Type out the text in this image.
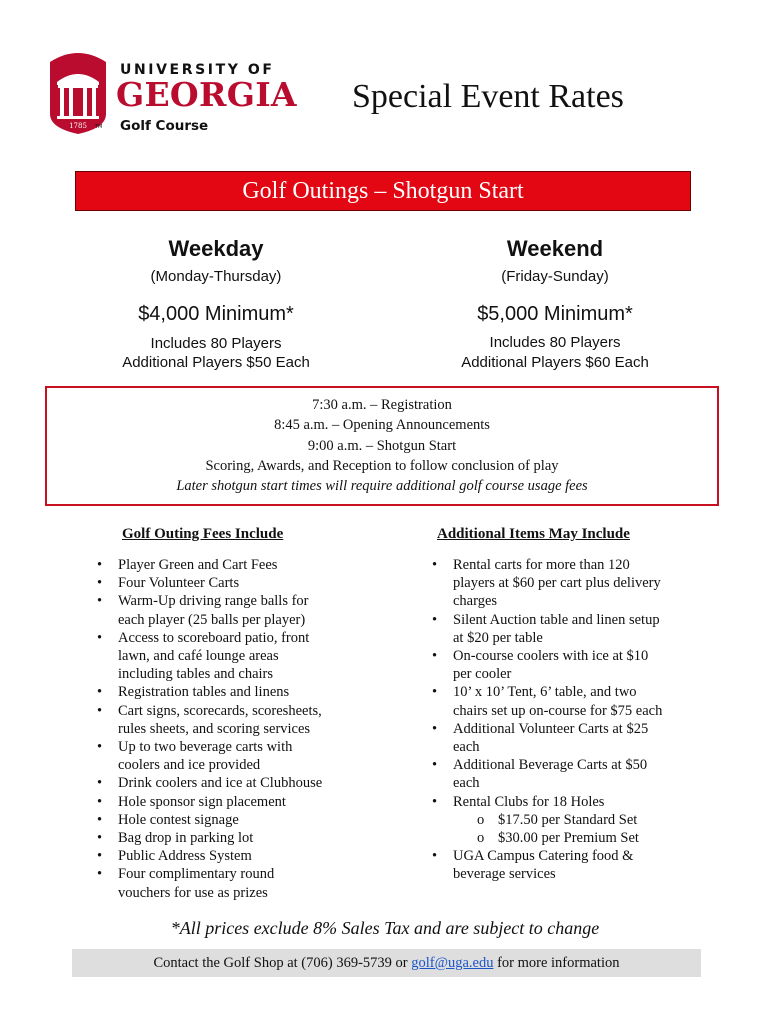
1785 TM
UNIVERSITY OF
GEORGIA
Golf Course
Special Event Rates
Golf Outings – Shotgun Start
Weekday
(Monday-Thursday)
$4,000 Minimum*
Includes 80 Players
Additional Players $50 Each
Weekend
(Friday-Sunday)
$5,000 Minimum*
Includes 80 Players
Additional Players $60 Each
7:30 a.m. – Registration
8:45 a.m. – Opening Announcements
9:00 a.m. – Shotgun Start
Scoring, Awards, and Reception to follow conclusion of play
Later shotgun start times will require additional golf course usage fees
Golf Outing Fees Include
• Player Green and Cart Fees
• Four Volunteer Carts
• Warm-Up driving range balls for
each player (25 balls per player)
• Access to scoreboard patio, front
lawn, and café lounge areas
including tables and chairs
• Registration tables and linens
• Cart signs, scorecards, scoresheets,
rules sheets, and scoring services
• Up to two beverage carts with
coolers and ice provided
• Drink coolers and ice at Clubhouse
• Hole sponsor sign placement
• Hole contest signage
• Bag drop in parking lot
• Public Address System
• Four complimentary round
vouchers for use as prizes
Additional Items May Include
• Rental carts for more than 120
players at $60 per cart plus delivery
charges
• Silent Auction table and linen setup
at $20 per table
• On-course coolers with ice at $10
per cooler
• 10’ x 10’ Tent, 6’ table, and two
chairs set up on-course for $75 each
• Additional Volunteer Carts at $25
each
• Additional Beverage Carts at $50
each
• Rental Clubs for 18 Holes
o $17.50 per Standard Set
o $30.00 per Premium Set
• UGA Campus Catering food &
beverage services
*All prices exclude 8% Sales Tax and are subject to change
Contact the Golf Shop at (706) 369-5739 or golf@uga.edu for more information
